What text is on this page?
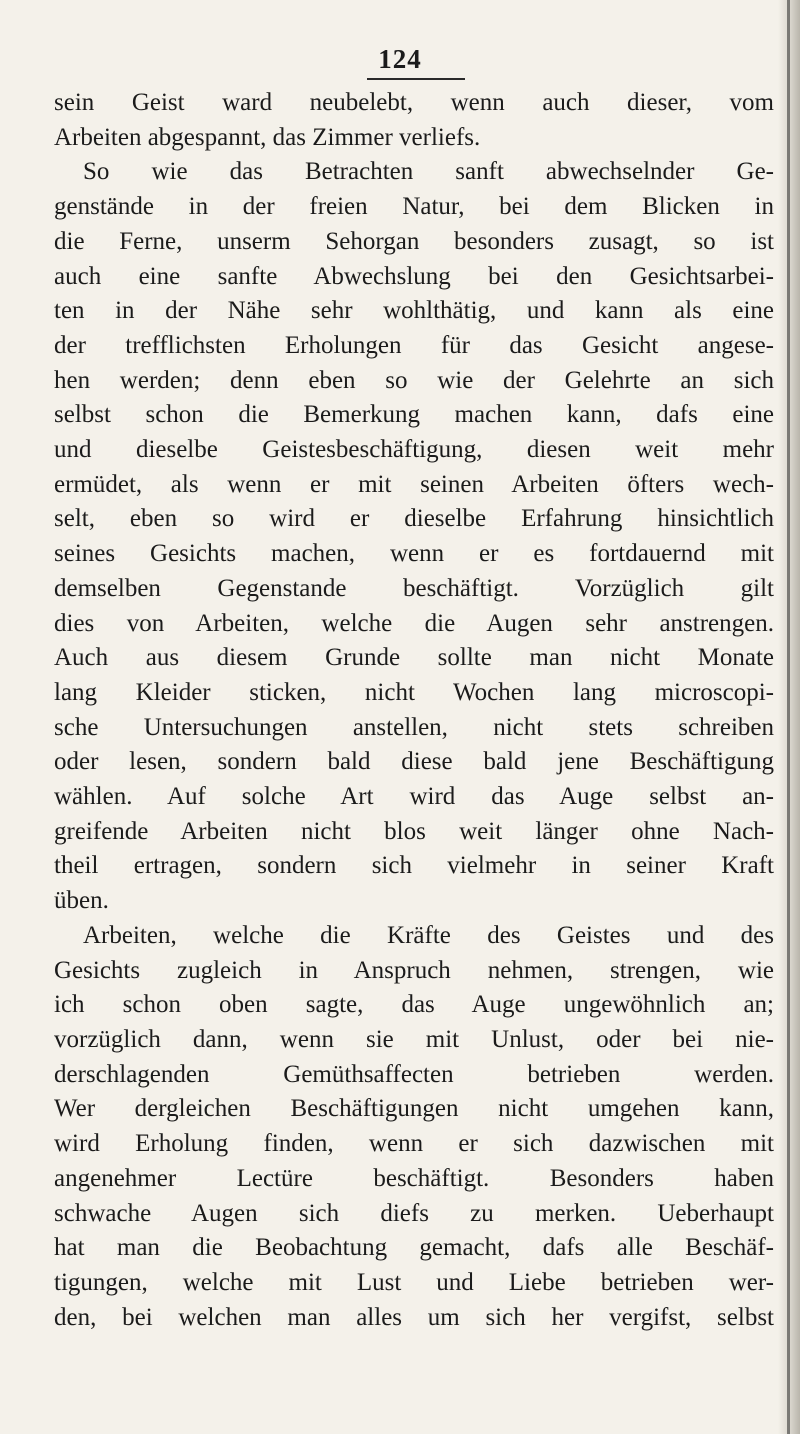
124
sein Geist ward neubelebt, wenn auch dieser, vom
Arbeiten abgespannt, das Zimmer verliefs.
So wie das Betrachten sanft abwechselnder Ge-
genstände in der freien Natur, bei dem Blicken in
die Ferne, unserm Sehorgan besonders zusagt, so ist
auch eine sanfte Abwechslung bei den Gesichtsarbei-
ten in der Nähe sehr wohlthätig, und kann als eine
der trefflichsten Erholungen für das Gesicht angese-
hen werden; denn eben so wie der Gelehrte an sich
selbst schon die Bemerkung machen kann, dafs eine
und dieselbe Geistesbeschäftigung, diesen weit mehr
ermüdet, als wenn er mit seinen Arbeiten öfters wech-
selt, eben so wird er dieselbe Erfahrung hinsichtlich
seines Gesichts machen, wenn er es fortdauernd mit
demselben Gegenstande beschäftigt. Vorzüglich gilt
dies von Arbeiten, welche die Augen sehr anstrengen.
Auch aus diesem Grunde sollte man nicht Monate
lang Kleider sticken, nicht Wochen lang microscopi-
sche Untersuchungen anstellen, nicht stets schreiben
oder lesen, sondern bald diese bald jene Beschäftigung
wählen. Auf solche Art wird das Auge selbst an-
greifende Arbeiten nicht blos weit länger ohne Nach-
theil ertragen, sondern sich vielmehr in seiner Kraft
üben.
Arbeiten, welche die Kräfte des Geistes und des
Gesichts zugleich in Anspruch nehmen, strengen, wie
ich schon oben sagte, das Auge ungewöhnlich an;
vorzüglich dann, wenn sie mit Unlust, oder bei nie-
derschlagenden Gemüthsaffecten betrieben werden.
Wer dergleichen Beschäftigungen nicht umgehen kann,
wird Erholung finden, wenn er sich dazwischen mit
angenehmer Lectüre beschäftigt. Besonders haben
schwache Augen sich diefs zu merken. Ueberhaupt
hat man die Beobachtung gemacht, dafs alle Beschäf-
tigungen, welche mit Lust und Liebe betrieben wer-
den, bei welchen man alles um sich her vergifst, selbst
